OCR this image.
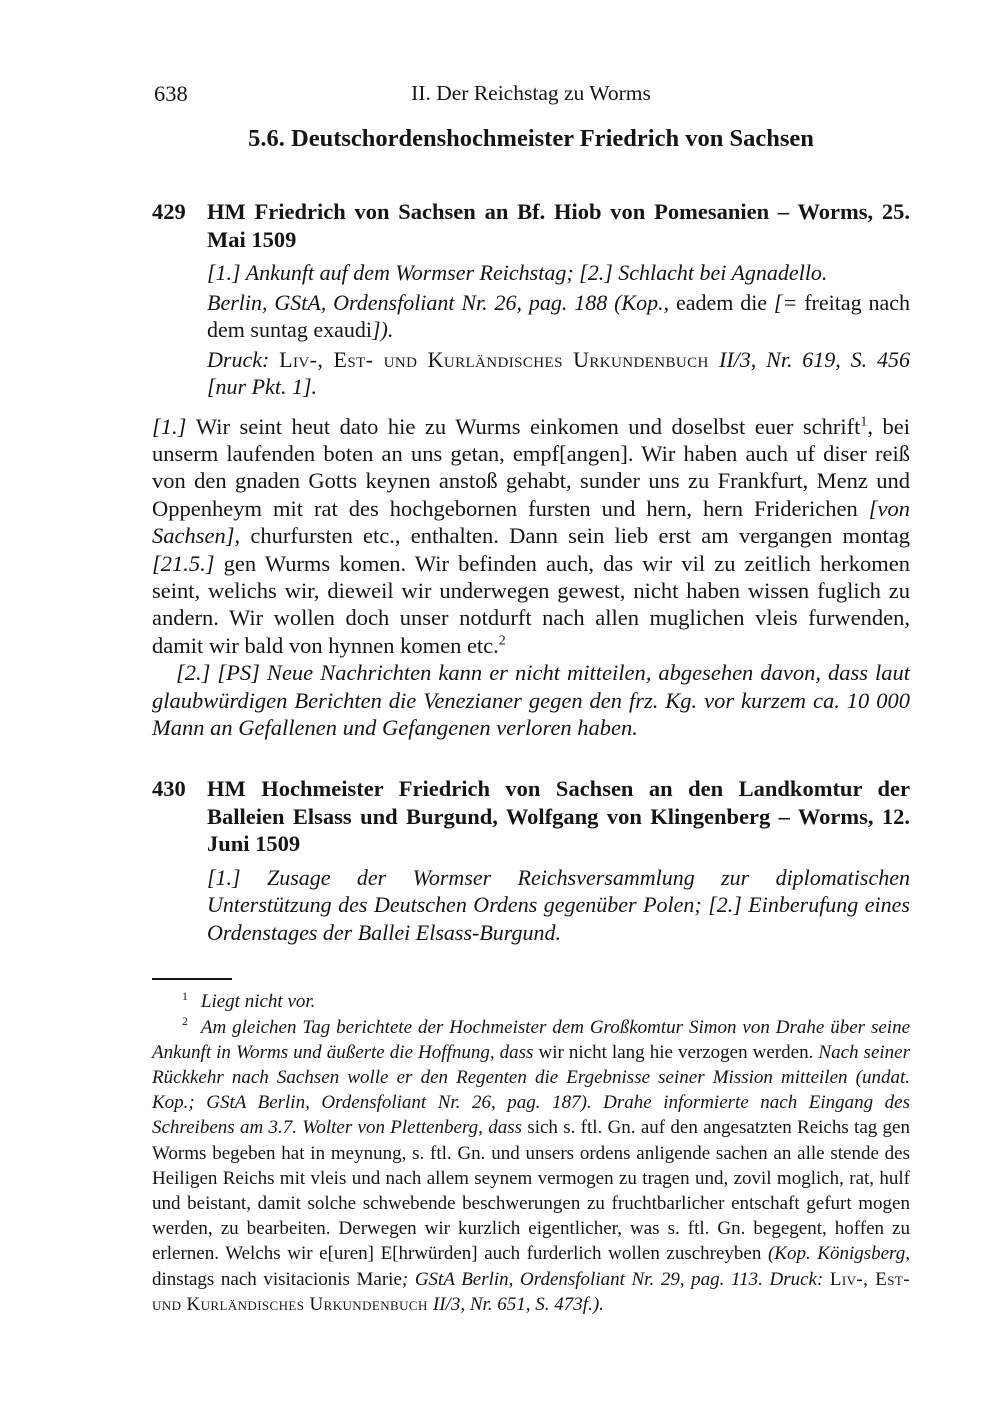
638	II. Der Reichstag zu Worms
5.6. Deutschordenshochmeister Friedrich von Sachsen
429 HM Friedrich von Sachsen an Bf. Hiob von Pomesanien – Worms, 25. Mai 1509

[1.] Ankunft auf dem Wormser Reichstag; [2.] Schlacht bei Agnadello.

Berlin, GStA, Ordensfoliant Nr. 26, pag. 188 (Kop., eadem die [= freitag nach dem suntag exaudi]).

Druck: Liv-, Est- und Kurländisches Urkundenbuch II/3, Nr. 619, S. 456 [nur Pkt. 1].

[1.] Wir seint heut dato hie zu Wurms einkomen und doselbst euer schrift$^1$, bei unserm laufenden boten an uns getan, empf[angen]. Wir haben auch uf diser reiß von den gnaden Gotts keynen anstoß gehabt, sunder uns zu Frankfurt, Menz und Oppenheym mit rat des hochgebornen fursten und hern, hern Friderichen [von Sachsen], churfursten etc., enthalten. Dann sein lieb erst am vergangen montag [21.5.] gen Wurms komen. Wir befinden auch, das wir vil zu zeitlich herkomen seint, welichs wir, dieweil wir underwegen gewest, nicht haben wissen fuglich zu andern. Wir wollen doch unser notdurft nach allen muglichen vleis furwenden, damit wir bald von hynnen komen etc.$^2$

[2.] [PS] Neue Nachrichten kann er nicht mitteilen, abgesehen davon, dass laut glaubwürdigen Berichten die Venezianer gegen den frz. Kg. vor kurzem ca. 10 000 Mann an Gefallenen und Gefangenen verloren haben.

430 HM Hochmeister Friedrich von Sachsen an den Landkomtur der Balleien Elsass und Burgund, Wolfgang von Klingenberg – Worms, 12. Juni 1509

[1.] Zusage der Wormser Reichsversammlung zur diplomatischen Unterstützung des Deutschen Ordens gegenüber Polen; [2.] Einberufung eines Ordenstages der Ballei Elsass-Burgund.

$^1$ Liegt nicht vor.

$^2$ Am gleichen Tag berichtete der Hochmeister dem Großkomtur Simon von Drahe über seine Ankunft in Worms und äußerte die Hoffnung, dass wir nicht lang hie verzogen werden. Nach seiner Rückkehr nach Sachsen wolle er den Regenten die Ergebnisse seiner Mission mitteilen (undat. Kop.; GStA Berlin, Ordensfoliant Nr. 26, pag. 187). Drahe informierte nach Eingang des Schreibens am 3.7. Wolter von Plettenberg, dass sich s. ftl. Gn. auf den angesatzten Reichs tag gen Worms begeben hat in meynung, s. ftl. Gn. und unsers ordens anligende sachen an alle stende des Heiligen Reichs mit vleis und nach allem seynem vermogen zu tragen und, zovil moglich, rat, hulf und beistant, damit solche schwebende beschwerungen zu fruchtbarlicher entschaft gefurt mogen werden, zu bearbeiten. Derwegen wir kurzlich eigentlicher, was s. ftl. Gn. begegent, hoffen zu erlernen. Welchs wir e[uren] E[hrwürden] auch furderlich wollen zuschreyben (Kop. Königsberg, dinstags nach visitacionis Marie; GStA Berlin, Ordensfoliant Nr. 29, pag. 113. Druck: Liv-, Est- und Kurländisches Urkundenbuch II/3, Nr. 651, S. 473f.).
